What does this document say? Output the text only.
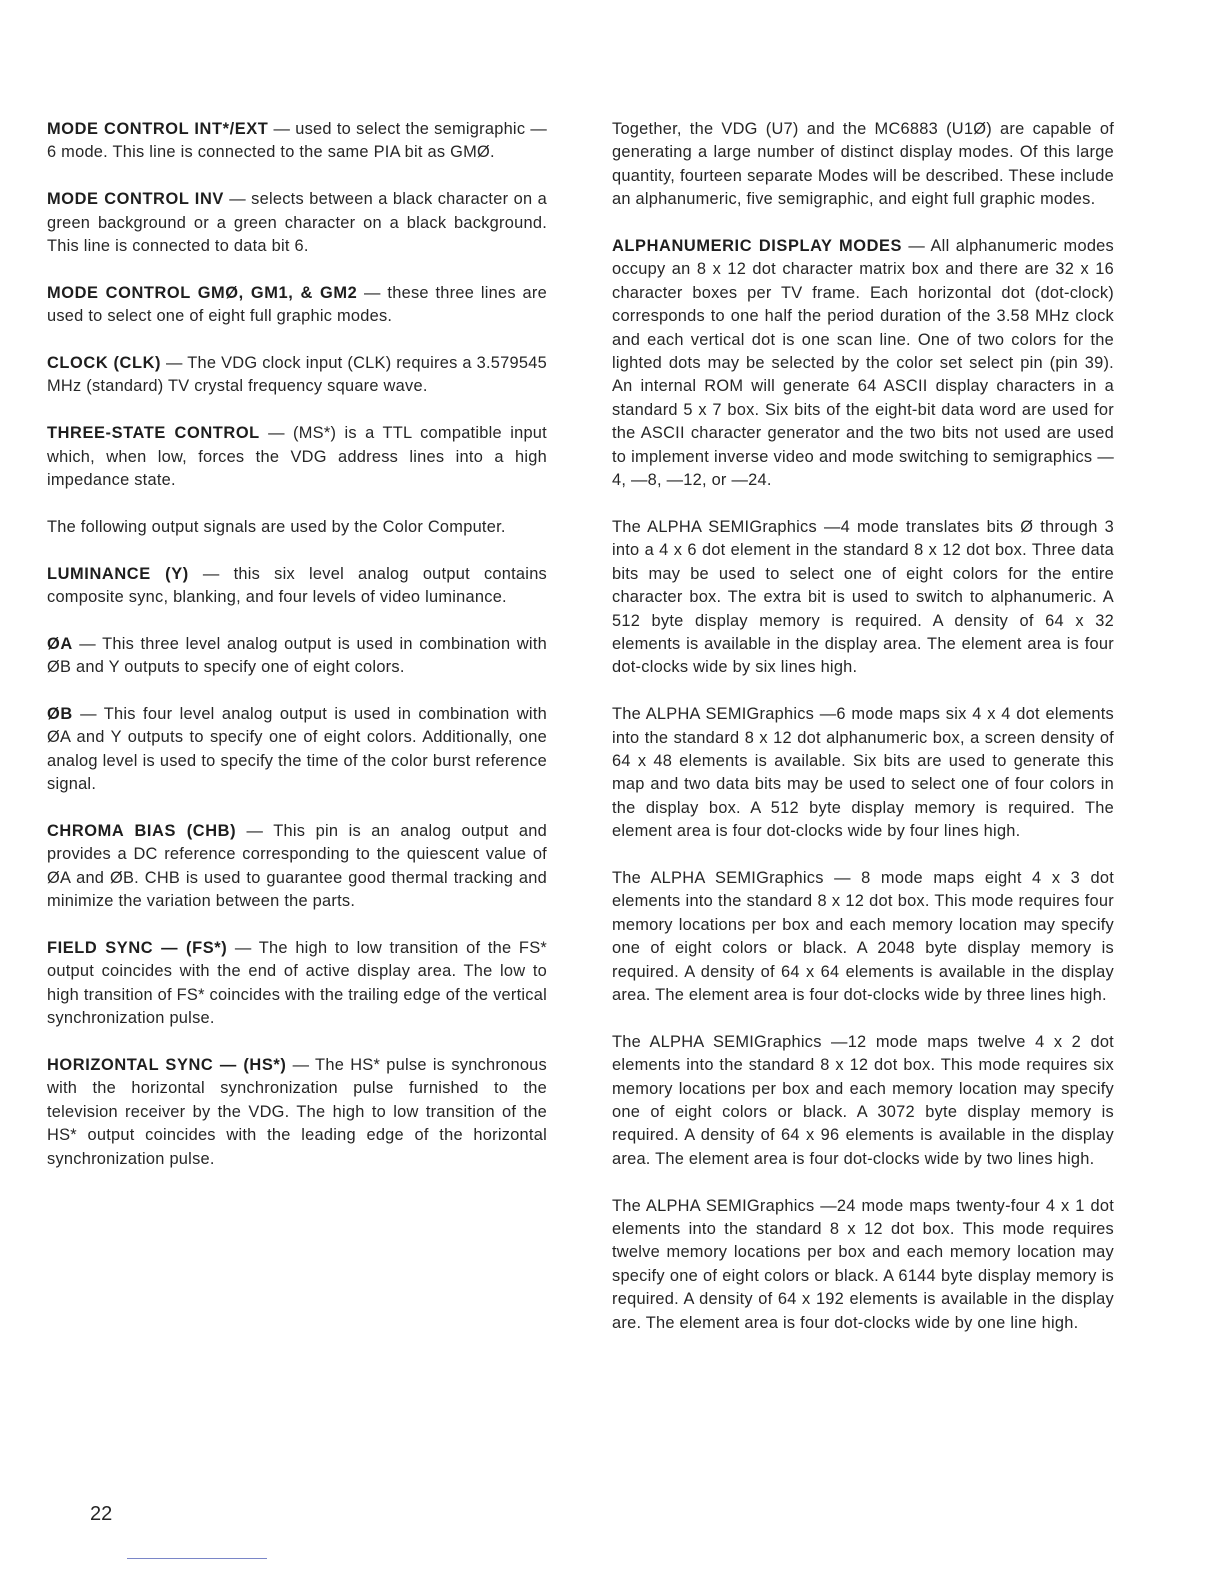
MODE CONTROL INT*/EXT — used to select the semigraphic — 6 mode. This line is connected to the same PIA bit as GMØ.

MODE CONTROL INV — selects between a black character on a green background or a green character on a black background. This line is connected to data bit 6.

MODE CONTROL GMØ, GM1, & GM2 — these three lines are used to select one of eight full graphic modes.

CLOCK (CLK) — The VDG clock input (CLK) requires a 3.579545 MHz (standard) TV crystal frequency square wave.

THREE-STATE CONTROL — (MS*) is a TTL compatible input which, when low, forces the VDG address lines into a high impedance state.

The following output signals are used by the Color Computer.

LUMINANCE (Y) — this six level analog output contains composite sync, blanking, and four levels of video luminance.

ØA — This three level analog output is used in combination with ØB and Y outputs to specify one of eight colors.

ØB — This four level analog output is used in combination with ØA and Y outputs to specify one of eight colors. Additionally, one analog level is used to specify the time of the color burst reference signal.

CHROMA BIAS (CHB) — This pin is an analog output and provides a DC reference corresponding to the quiescent value of ØA and ØB. CHB is used to guarantee good thermal tracking and minimize the variation between the parts.

FIELD SYNC — (FS*) — The high to low transition of the FS* output coincides with the end of active display area. The low to high transition of FS* coincides with the trailing edge of the vertical synchronization pulse.

HORIZONTAL SYNC — (HS*) — The HS* pulse is synchronous with the horizontal synchronization pulse furnished to the television receiver by the VDG. The high to low transition of the HS* output coincides with the leading edge of the horizontal synchronization pulse.

Together, the VDG (U7) and the MC6883 (U1Ø) are capable of generating a large number of distinct display modes. Of this large quantity, fourteen separate Modes will be described. These include an alphanumeric, five semigraphic, and eight full graphic modes.

ALPHANUMERIC DISPLAY MODES — All alphanumeric modes occupy an 8 x 12 dot character matrix box and there are 32 x 16 character boxes per TV frame. Each horizontal dot (dot-clock) corresponds to one half the period duration of the 3.58 MHz clock and each vertical dot is one scan line. One of two colors for the lighted dots may be selected by the color set select pin (pin 39). An internal ROM will generate 64 ASCII display characters in a standard 5 x 7 box. Six bits of the eight-bit data word are used for the ASCII character generator and the two bits not used are used to implement inverse video and mode switching to semigraphics —4, —8, —12, or —24.

The ALPHA SEMIGraphics —4 mode translates bits Ø through 3 into a 4 x 6 dot element in the standard 8 x 12 dot box. Three data bits may be used to select one of eight colors for the entire character box. The extra bit is used to switch to alphanumeric. A 512 byte display memory is required. A density of 64 x 32 elements is available in the display area. The element area is four dot-clocks wide by six lines high.

The ALPHA SEMIGraphics —6 mode maps six 4 x 4 dot elements into the standard 8 x 12 dot alphanumeric box, a screen density of 64 x 48 elements is available. Six bits are used to generate this map and two data bits may be used to select one of four colors in the display box. A 512 byte display memory is required. The element area is four dot-clocks wide by four lines high.

The ALPHA SEMIGraphics — 8 mode maps eight 4 x 3 dot elements into the standard 8 x 12 dot box. This mode requires four memory locations per box and each memory location may specify one of eight colors or black. A 2048 byte display memory is required. A density of 64 x 64 elements is available in the display area. The element area is four dot-clocks wide by three lines high.

The ALPHA SEMIGraphics —12 mode maps twelve 4 x 2 dot elements into the standard 8 x 12 dot box. This mode requires six memory locations per box and each memory location may specify one of eight colors or black. A 3072 byte display memory is required. A density of 64 x 96 elements is available in the display area. The element area is four dot-clocks wide by two lines high.

The ALPHA SEMIGraphics —24 mode maps twenty-four 4 x 1 dot elements into the standard 8 x 12 dot box. This mode requires twelve memory locations per box and each memory location may specify one of eight colors or black. A 6144 byte display memory is required. A density of 64 x 192 elements is available in the display are. The element area is four dot-clocks wide by one line high.

22
